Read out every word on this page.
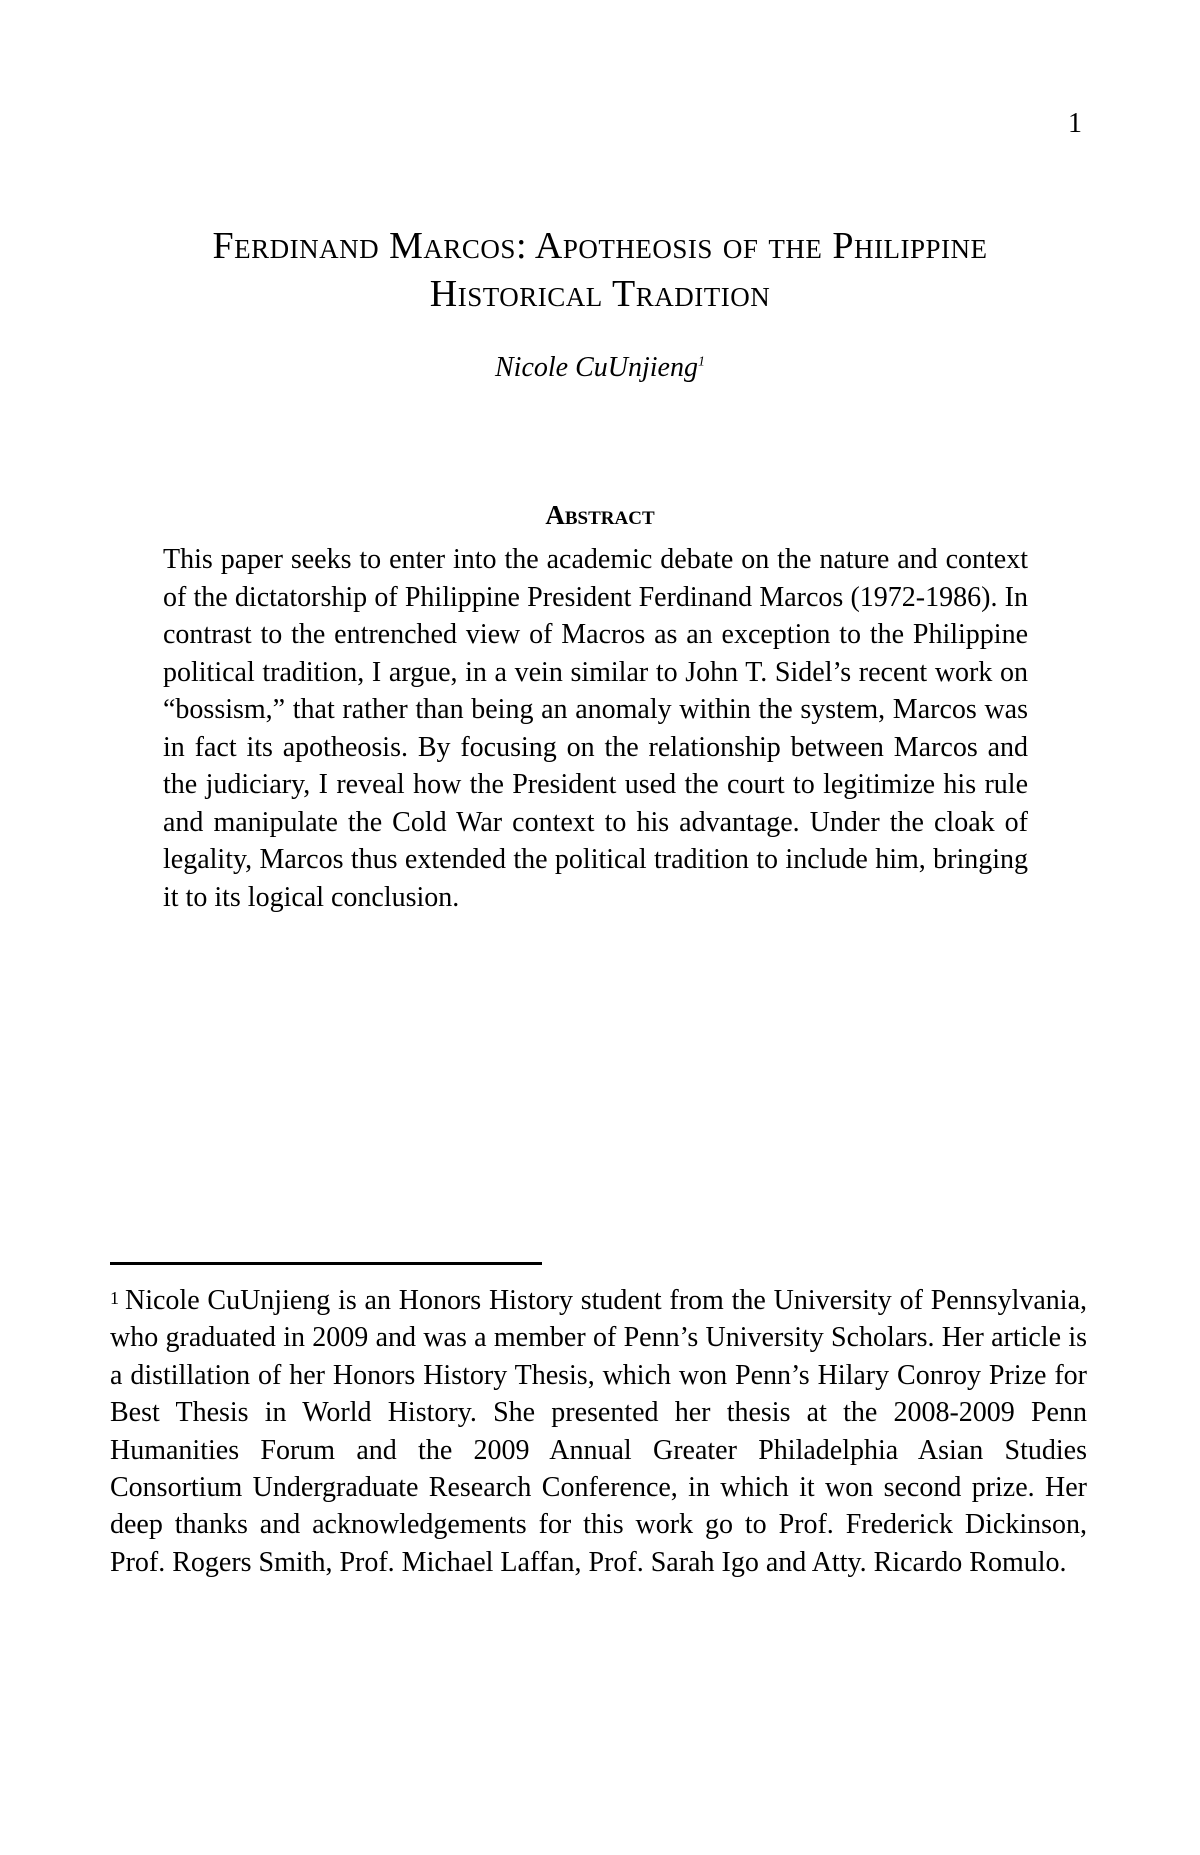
1
Ferdinand Marcos: Apotheosis of the Philippine
Historical Tradition
Nicole CuUnjieng$^1$
Abstract

This paper seeks to enter into the academic debate on the nature and context of the dictatorship of Philippine President Ferdinand Marcos (1972-1986). In contrast to the entrenched view of Macros as an exception to the Philippine political tradition, I argue, in a vein similar to John T. Sidel’s recent work on “bossism,” that rather than being an anomaly within the system, Marcos was in fact its apotheosis. By focusing on the relationship between Marcos and the judiciary, I reveal how the President used the court to legitimize his rule and manipulate the Cold War context to his advantage. Under the cloak of legality, Marcos thus extended the political tradition to include him, bringing it to its logical conclusion.

1 Nicole CuUnjieng is an Honors History student from the University of Pennsylvania, who graduated in 2009 and was a member of Penn’s University Scholars. Her article is a distillation of her Honors History Thesis, which won Penn’s Hilary Conroy Prize for Best Thesis in World History. She presented her thesis at the 2008-2009 Penn Humanities Forum and the 2009 Annual Greater Philadelphia Asian Studies Consortium Undergraduate Research Conference, in which it won second prize. Her deep thanks and acknowledgements for this work go to Prof. Frederick Dickinson, Prof. Rogers Smith, Prof. Michael Laffan, Prof. Sarah Igo and Atty. Ricardo Romulo.
